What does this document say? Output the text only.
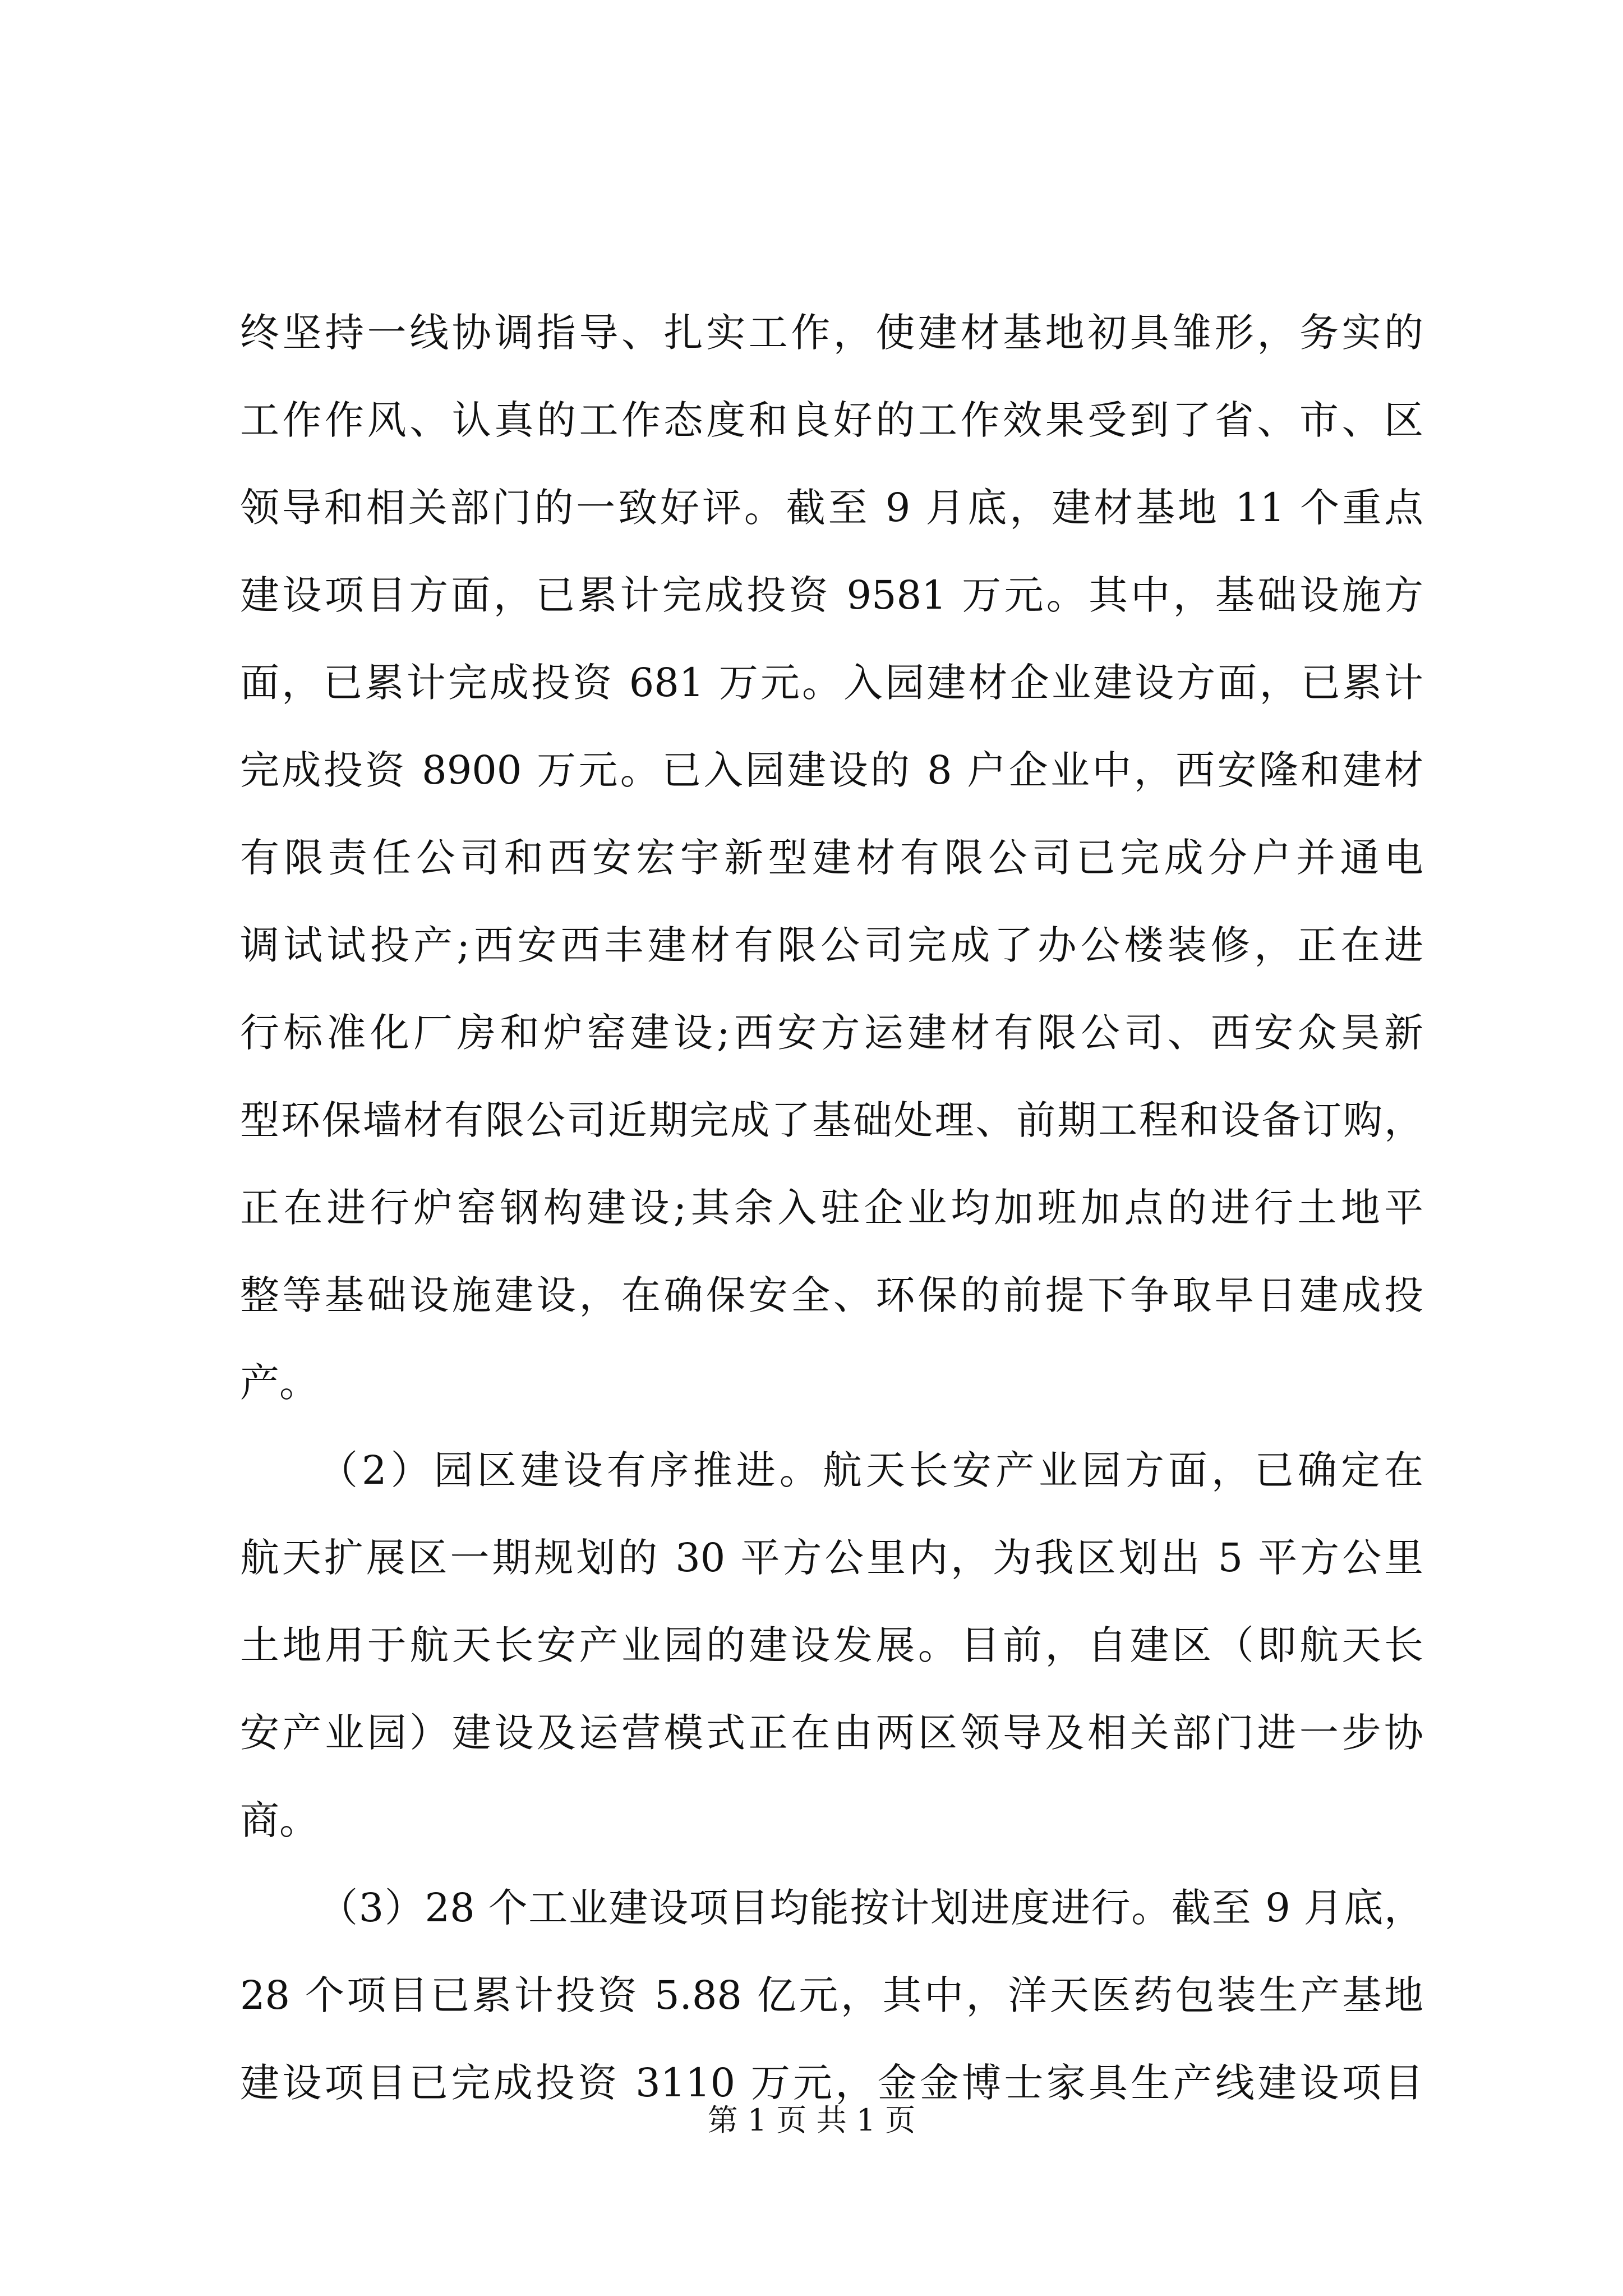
终坚持一线协调指导、扎实工作，使建材基地初具雏形，务实的
工作作风、认真的工作态度和良好的工作效果受到了省、市、区
领导和相关部门的一致好评。截至 9 月底，建材基地 11 个重点
建设项目方面，已累计完成投资 9581 万元。其中，基础设施方
面，已累计完成投资 681 万元。入园建材企业建设方面，已累计
完成投资 8900 万元。已入园建设的 8 户企业中，西安隆和建材
有限责任公司和西安宏宇新型建材有限公司已完成分户并通电
调试试投产;西安西丰建材有限公司完成了办公楼装修，正在进
行标准化厂房和炉窑建设;西安方运建材有限公司、西安众昊新
型环保墙材有限公司近期完成了基础处理、前期工程和设备订购，
正在进行炉窑钢构建设;其余入驻企业均加班加点的进行土地平
整等基础设施建设，在确保安全、环保的前提下争取早日建成投
产。
（2）园区建设有序推进。航天长安产业园方面，已确定在
航天扩展区一期规划的 30 平方公里内，为我区划出 5 平方公里
土地用于航天长安产业园的建设发展。目前，自建区（即航天长
安产业园）建设及运营模式正在由两区领导及相关部门进一步协
商。
（3）28 个工业建设项目均能按计划进度进行。截至 9 月底，
28 个项目已累计投资 5.88 亿元，其中，洋天医药包装生产基地
建设项目已完成投资 3110 万元，金金博士家具生产线建设项目
第 1 页 共 1 页
